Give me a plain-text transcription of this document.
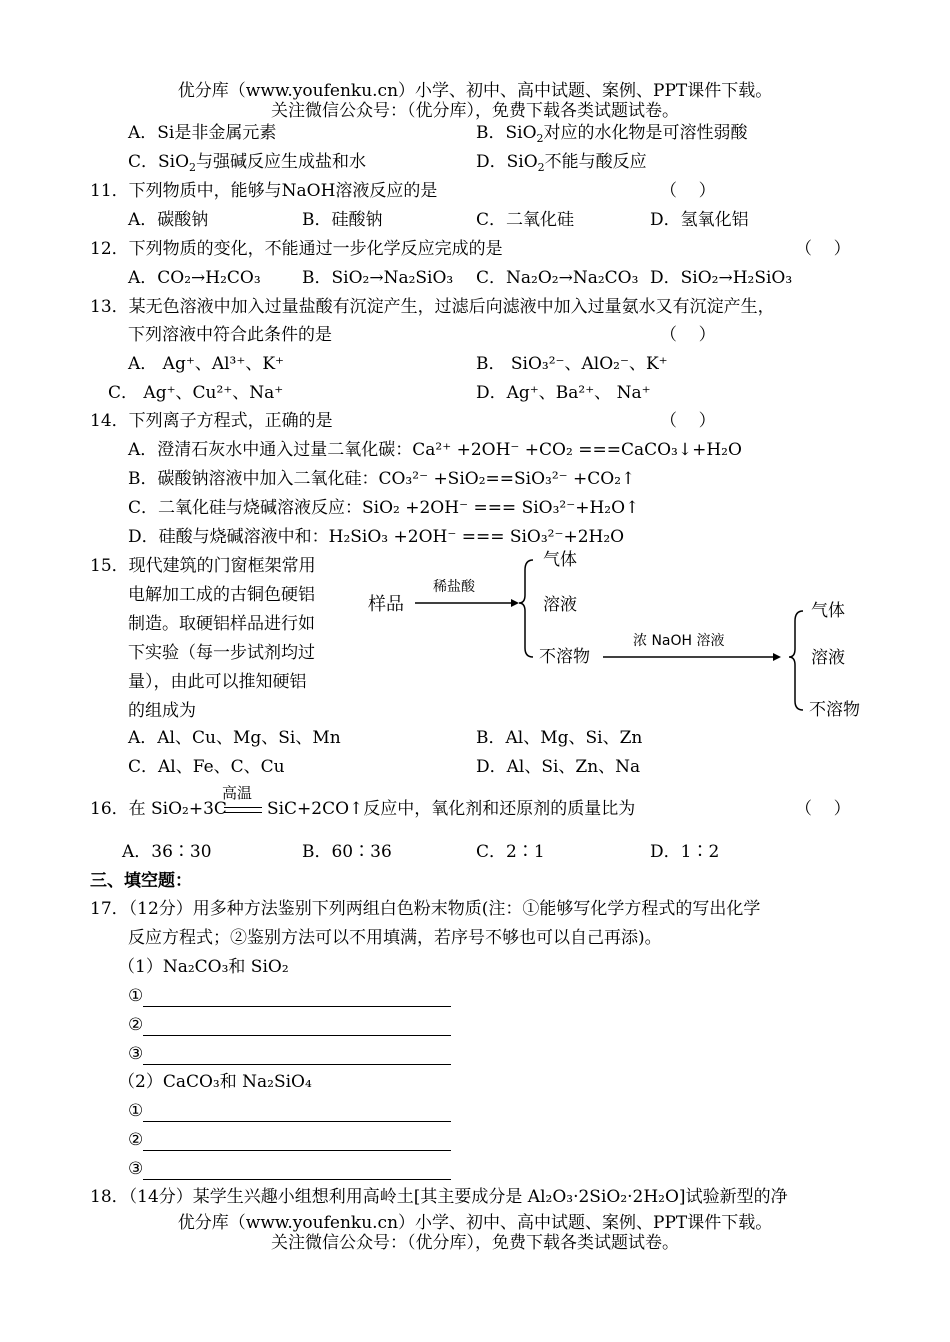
优分库（www.youfenku.cn）小学、初中、高中试题、案例、PPT课件下载。
关注微信公众号：（优分库），免费下载各类试题试卷。
A．Si是非金属元素	B．SiO$_2$对应的水化物是可溶性弱酸
C．SiO$_2$与强碱反应生成盐和水	D．SiO$_2$不能与酸反应
11．下列物质中，能够与NaOH溶液反应的是	（    ）
A．碳酸钠	B．硅酸钠	C．二氧化硅	D．氢氧化铝
12．下列物质的变化，不能通过一步化学反应完成的是	（    ）
A．CO₂→H₂CO₃ B．SiO₂→Na₂SiO₃ C．Na₂O₂→Na₂CO₃ D．SiO₂→H₂SiO₃
13．某无色溶液中加入过量盐酸有沉淀产生，过滤后向滤液中加入过量氨水又有沉淀产生，
下列溶液中符合此条件的是	（    ）
A． Ag⁺、Al³⁺、K⁺	B． SiO₃²⁻、AlO₂⁻、K⁺
C． Ag⁺、Cu²⁺、Na⁺	D．Ag⁺、Ba²⁺、 Na⁺
14．下列离子方程式，正确的是	（    ）
A．澄清石灰水中通入过量二氧化碳：Ca²⁺ +2OH⁻ +CO₂ ===CaCO₃↓+H₂O
B．碳酸钠溶液中加入二氧化硅：CO₃²⁻ +SiO₂==SiO₃²⁻ +CO₂↑
C．二氧化硅与烧碱溶液反应：SiO₂ +2OH⁻ === SiO₃²⁻+H₂O↑
D．硅酸与烧碱溶液中和：H₂SiO₃ +2OH⁻ === SiO₃²⁻+2H₂O
15．现代建筑的门窗框架常用
电解加工成的古铜色硬铝
制造。取硬铝样品进行如
下实验（每一步试剂均过
量），由此可以推知硬铝
的组成为
样品
稀盐酸
气体
溶液
不溶物
浓 NaOH 溶液
气体
溶液
不溶物
A．Al、Cu、Mg、Si、Mn	B．Al、Mg、Si、Zn
C．Al、Fe、C、Cu	D．Al、Si、Zn、Na
高温
16．在 SiO₂+3C SiC+2CO↑反应中，氧化剂和还原剂的质量比为	（    ）
A．36∶30	B．60∶36	C．2∶1	D．1∶2
三、填空题：
17．（12分）用多种方法鉴别下列两组白色粉末物质(注：①能够写化学方程式的写出化学
反应方程式；②鉴别方法可以不用填满，若序号不够也可以自己再添)。
（1）Na₂CO₃和 SiO₂
①
②
③
（2）CaCO₃和 Na₂SiO₄
①
②
③
18．（14分）某学生兴趣小组想利用高岭土[其主要成分是 Al₂O₃·2SiO₂·2H₂O]试验新型的净
优分库（www.youfenku.cn）小学、初中、高中试题、案例、PPT课件下载。
关注微信公众号：（优分库），免费下载各类试题试卷。
